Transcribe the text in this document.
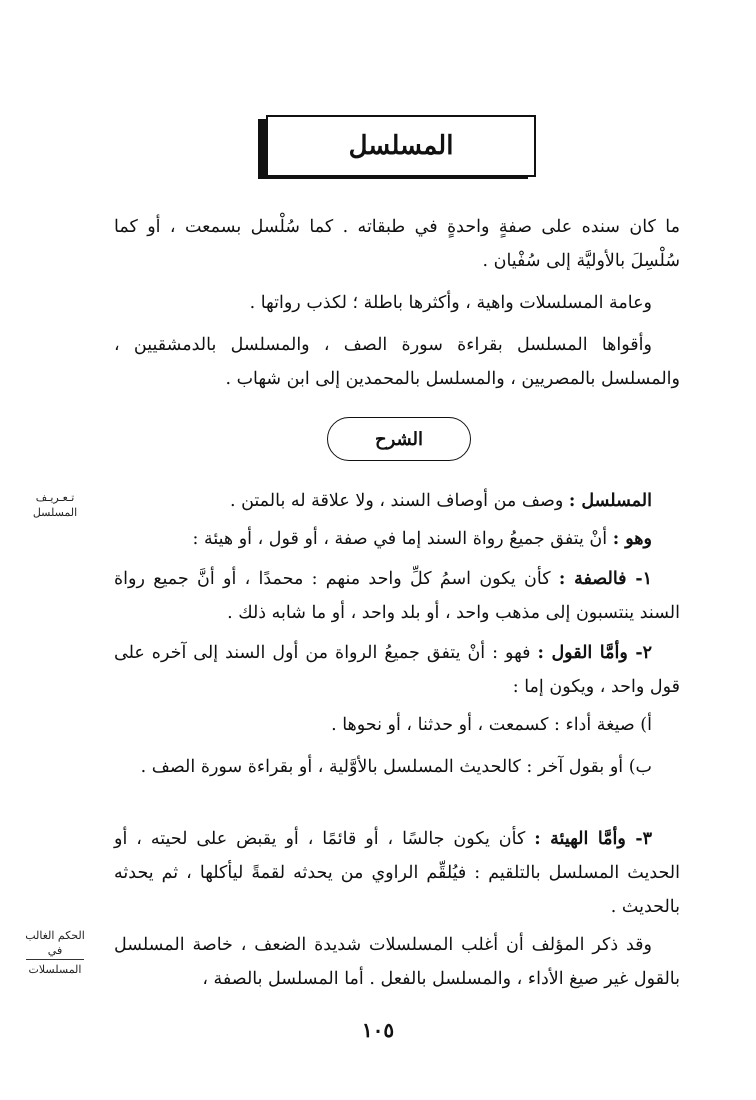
المسلسل

ما كان سنده على صفةٍ واحدةٍ في طبقاته . كما سُلْسل بسمعت ، أو كما سُلْسِلَ بالأوليَّة إلى سُفْيان .

وعامة المسلسلات واهية ، وأكثرها باطلة ؛ لكذب رواتها .

وأقواها المسلسل بقراءة سورة الصف ، والمسلسل بالدمشقيين ، والمسلسل بالمصريين ، والمسلسل بالمحمدين إلى ابن شهاب .

الشرح

المسلسل : وصف من أوصاف السند ، ولا علاقة له بالمتن .

وهو : أنْ يتفق جميعُ رواة السند إما في صفة ، أو قول ، أو هيئة :

١- فالصفة : كأن يكون اسمُ كلِّ واحد منهم : محمدًا ، أو أنَّ جميع رواة السند ينتسبون إلى مذهب واحد ، أو بلد واحد ، أو ما شابه ذلك .

٢- وأمَّا القول : فهو : أنْ يتفق جميعُ الرواة من أول السند إلى آخره على قول واحد ، ويكون إما :

أ) صيغة أداء : كسمعت ، أو حدثنا ، أو نحوها .

ب) أو بقول آخر : كالحديث المسلسل بالأوَّلية ، أو بقراءة سورة الصف .

٣- وأمَّا الهيئة : كأن يكون جالسًا ، أو قائمًا ، أو يقبض على لحيته ، أو الحديث المسلسل بالتلقيم : فيُلقِّم الراوي من يحدثه لقمةً ليأكلها ، ثم يحدثه بالحديث .

وقد ذكر المؤلف أن أغلب المسلسلات شديدة الضعف ، خاصة المسلسل بالقول غير صيغ الأداء ، والمسلسل بالفعل . أما المسلسل بالصفة ،

تـعـريـف
المسلسل
الحكم الغالب
في
المسلسلات
١٠٥
